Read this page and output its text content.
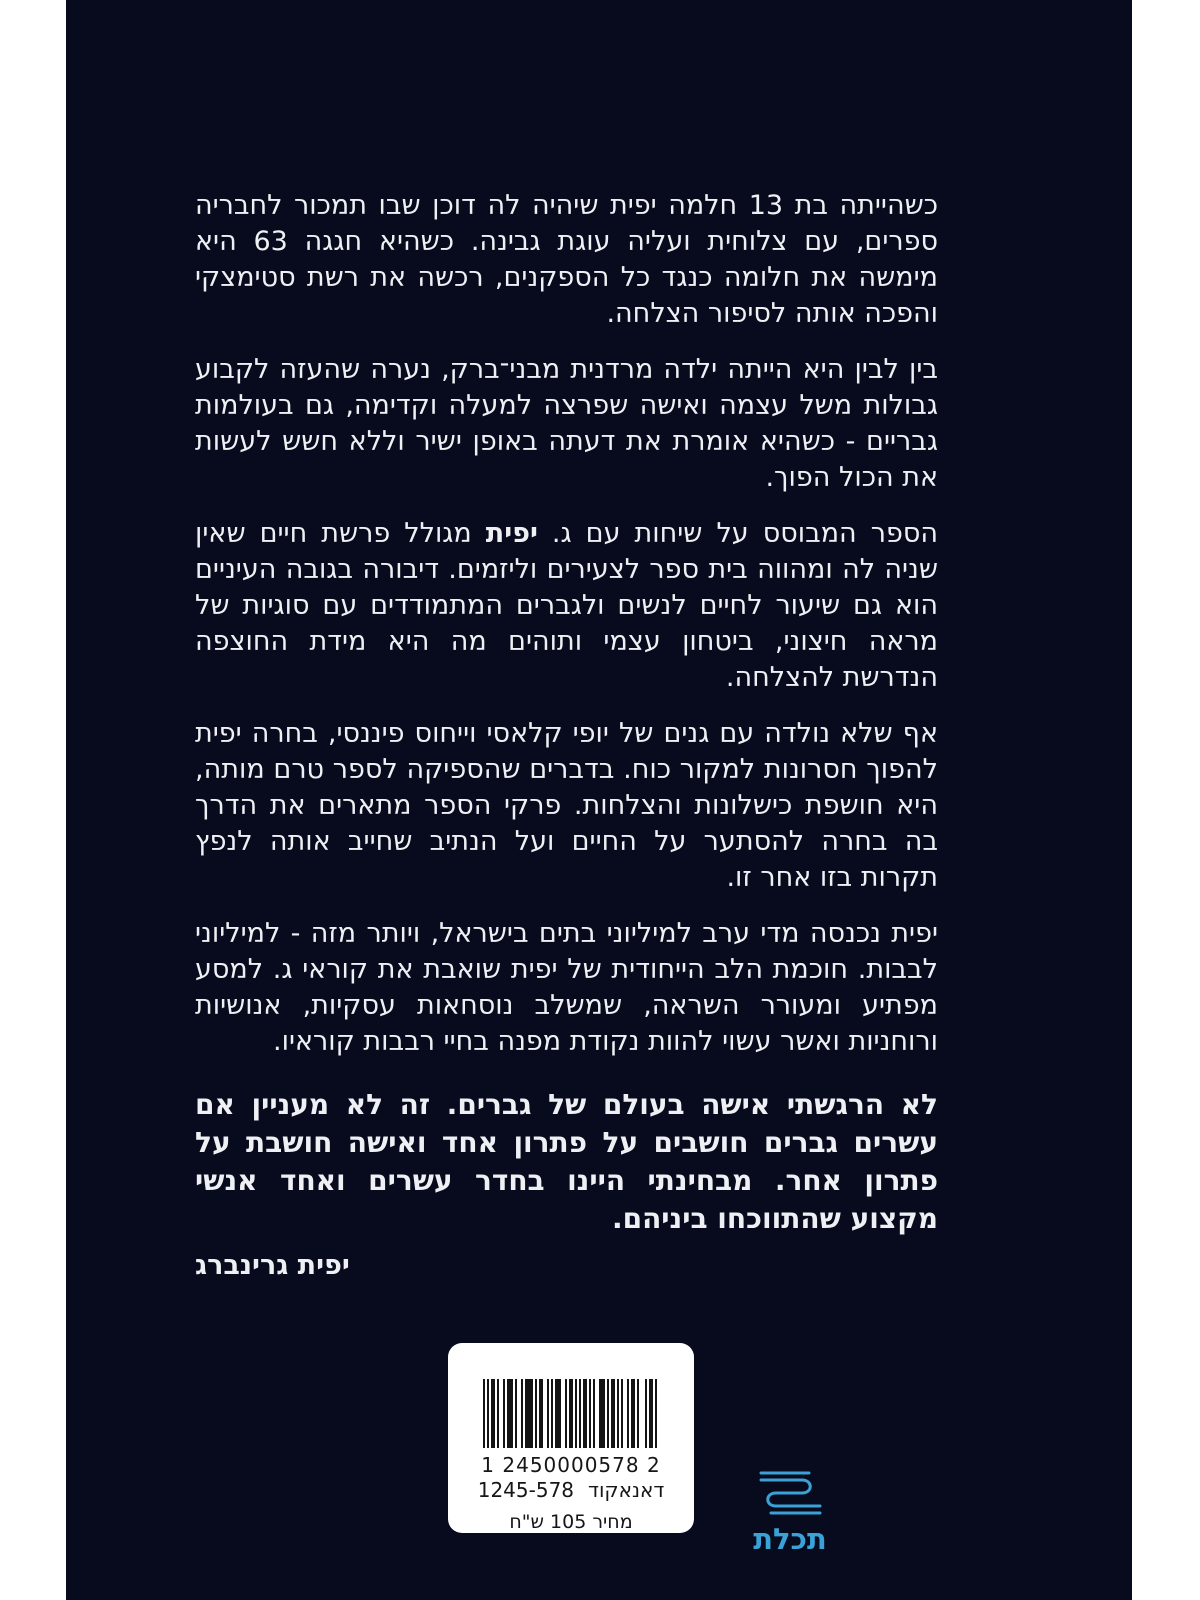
כשהייתה בת 13 חלמה יפית שיהיה לה דוכן שבו תמכור לחבריה ספרים, עם צלוחית ועליה עוגת גבינה. כשהיא חגגה 63 היא מימשה את חלומה כנגד כל הספקנים, רכשה את רשת סטימצקי והפכה אותה לסיפור הצלחה.

בין לבין היא הייתה ילדה מרדנית מבני־ברק, נערה שהעזה לקבוע גבולות משל עצמה ואישה שפרצה למעלה וקדימה, גם בעולמות גבריים - כשהיא אומרת את דעתה באופן ישיר וללא חשש לעשות את הכול הפוך.

הספר המבוסס על שיחות עם ג. יפית מגולל פרשת חיים שאין שניה לה ומהווה בית ספר לצעירים וליזמים. דיבורה בגובה העיניים הוא גם שיעור לחיים לנשים ולגברים המתמודדים עם סוגיות של מראה חיצוני, ביטחון עצמי ותוהים מה היא מידת החוצפה הנדרשת להצלחה.

אף שלא נולדה עם גנים של יופי קלאסי וייחוס פיננסי, בחרה יפית להפוך חסרונות למקור כוח. בדברים שהספיקה לספר טרם מותה, היא חושפת כישלונות והצלחות. פרקי הספר מתארים את הדרך בה בחרה להסתער על החיים ועל הנתיב שחייב אותה לנפץ תקרות בזו אחר זו.

יפית נכנסה מדי ערב למיליוני בתים בישראל, ויותר מזה - למיליוני לבבות. חוכמת הלב הייחודית של יפית שואבת את קוראי ג. למסע מפתיע ומעורר השראה, שמשלב נוסחאות עסקיות, אנושיות ורוחניות ואשר עשוי להוות נקודת מפנה בחיי רבבות קוראיו.

לא הרגשתי אישה בעולם של גברים. זה לא מעניין אם עשרים גברים חושבים על פתרון אחד ואישה חושבת על פתרון אחר. מבחינתי היינו בחדר עשרים ואחד אנשי מקצוע שהתווכחו ביניהם.

יפית גרינברג

1 2450000578 2
דאנאקוד1245-578
מחיר 105 ש"ח	תכלת
